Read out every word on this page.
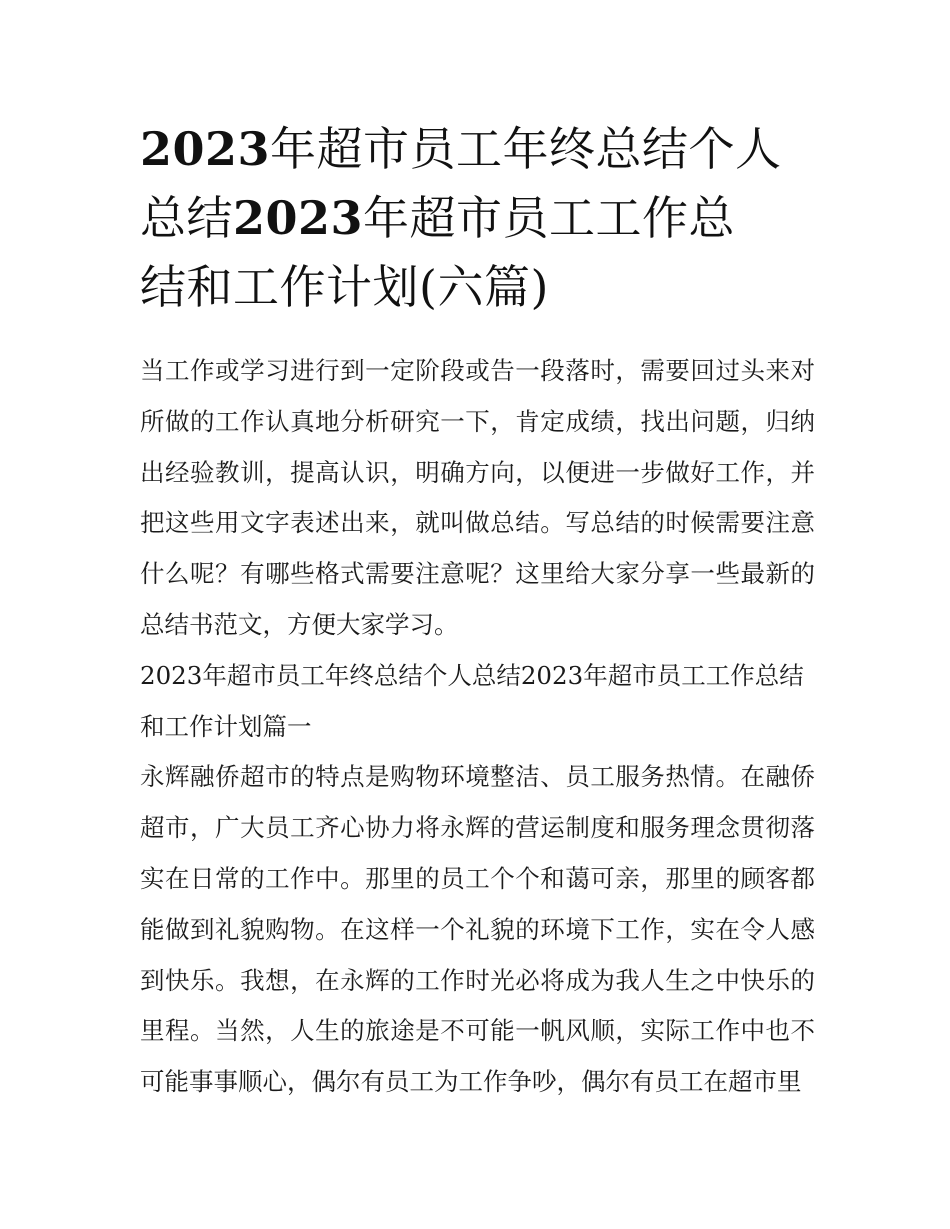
2023年超市员工年终总结个人
总结2023年超市员工工作总
结和工作计划(六篇)

当工作或学习进行到一定阶段或告一段落时，需要回过头来对所做的工作认真地分析研究一下，肯定成绩，找出问题，归纳出经验教训，提高认识，明确方向，以便进一步做好工作，并把这些用文字表述出来，就叫做总结。写总结的时候需要注意什么呢？有哪些格式需要注意呢？这里给大家分享一些最新的总结书范文，方便大家学习。

2023年超市员工年终总结个人总结2023年超市员工工作总结和工作计划篇一

永辉融侨超市的特点是购物环境整洁、员工服务热情。在融侨超市，广大员工齐心协力将永辉的营运制度和服务理念贯彻落实在日常的工作中。那里的员工个个和蔼可亲，那里的顾客都能做到礼貌购物。在这样一个礼貌的环境下工作，实在令人感到快乐。我想，在永辉的工作时光必将成为我人生之中快乐的里程。当然，人生的旅途是不可能一帆风顺，实际工作中也不可能事事顺心，偶尔有员工为工作争吵，偶尔有员工在超市里
